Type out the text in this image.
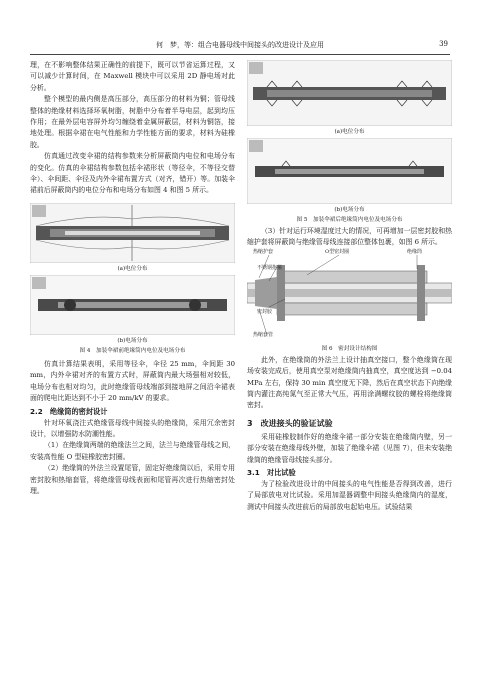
何　梦，等：组合电器母线中间接头的改进设计及应用	39

理，在不影响整体结果正确性的前提下，既可以节省运算过程，又可以减少计算时间，在 Maxwell 模块中可以采用 2D 静电场对此分析。

整个模型的最内侧是高压部分，高压部分的材料为铜；管母线整体的绝缘材料选择环氧树脂，树脂中分布着半导电层，起到均压作用；在最外层电容屏外均匀缠绕着金属屏蔽层，材料为铜箔，接地处理。根据伞裙在电气性能和力学性能方面的要求，材料为硅橡胶。

仿真通过改变伞裙的结构参数来分析屏蔽筒内电位和电场分布的变化。仿真的伞裙结构参数包括伞裙形状（等径伞，不等径交替伞）、伞间距、伞径及内外伞裙布置方式（对齐，错开）等。加装伞裙前后屏蔽筒内的电位分布和电场分布如图 4 和图 5 所示。

(a)电位分布
(b)电场分布
图 4　加装伞裙前绝缘筒内电位及电场分布

仿真计算结果表明，采用等径伞，伞径 25 mm，伞间距 30 mm，内外伞裙对齐的布置方式时，屏蔽筒内最大场强相对较低，电场分布也相对均匀，此时绝缘管母线端部到接地屏之间沿伞裙表面的爬电比距达到不小于 20 mm/kV 的要求。

2.2　绝缘筒的密封设计

针对环氧浇注式绝缘管母线中间接头的绝缘筒，采用冗余密封设计，以增强防水防潮性能。

（1）在绝缘筒两端的绝缘法兰之间，法兰与绝缘管母线之间，安装高性能 O 型硅橡胶密封圈。

（2）绝缘筒的外法兰设置尾管，固定好绝缘筒以后，采用专用密封胶和热缩套管，将绝缘管母线表面和尾管再次进行热缩密封处理。

(a)电位分布
(b)电场分布
图 5　加装伞裙后绝缘筒内电位及电场分布

（3）针对运行环境湿度过大的情况，可再增加一层密封胶和热缩护套将屏蔽筒与绝缘管母线连接部位整体包裹，如图 6 所示。

热缩护套	O型密封圈	绝缘筒
不锈钢抱箍
密封胶
热缩套管
图 6　密封设计结构图

此外，在绝缘筒的外法兰上设计抽真空接口，整个绝缘筒在现场安装完成后，使用真空泵对绝缘筒内抽真空，真空度达到 −0.04 MPa 左右，保持 30 min 真空度无下降，然后在真空状态下向绝缘筒内灌注高纯氮气至正常大气压，再用涂满螺纹胶的螺栓将绝缘筒密封。

3　改进接头的验证试验

采用硅橡胶制作好的绝缘伞裙一部分安装在绝缘筒内壁，另一部分安装在绝缘母线外壁，加装了绝缘伞裙（见图 7），但未安装绝缘筒的绝缘管母线接头部分。

3.1　对比试验

为了检验改进设计的中间接头的电气性能是否得到改善，进行了局部放电对比试验。采用加湿器调整中间接头绝缘筒内的湿度，测试中间接头改进前后的局部放电起始电压。试验结果
